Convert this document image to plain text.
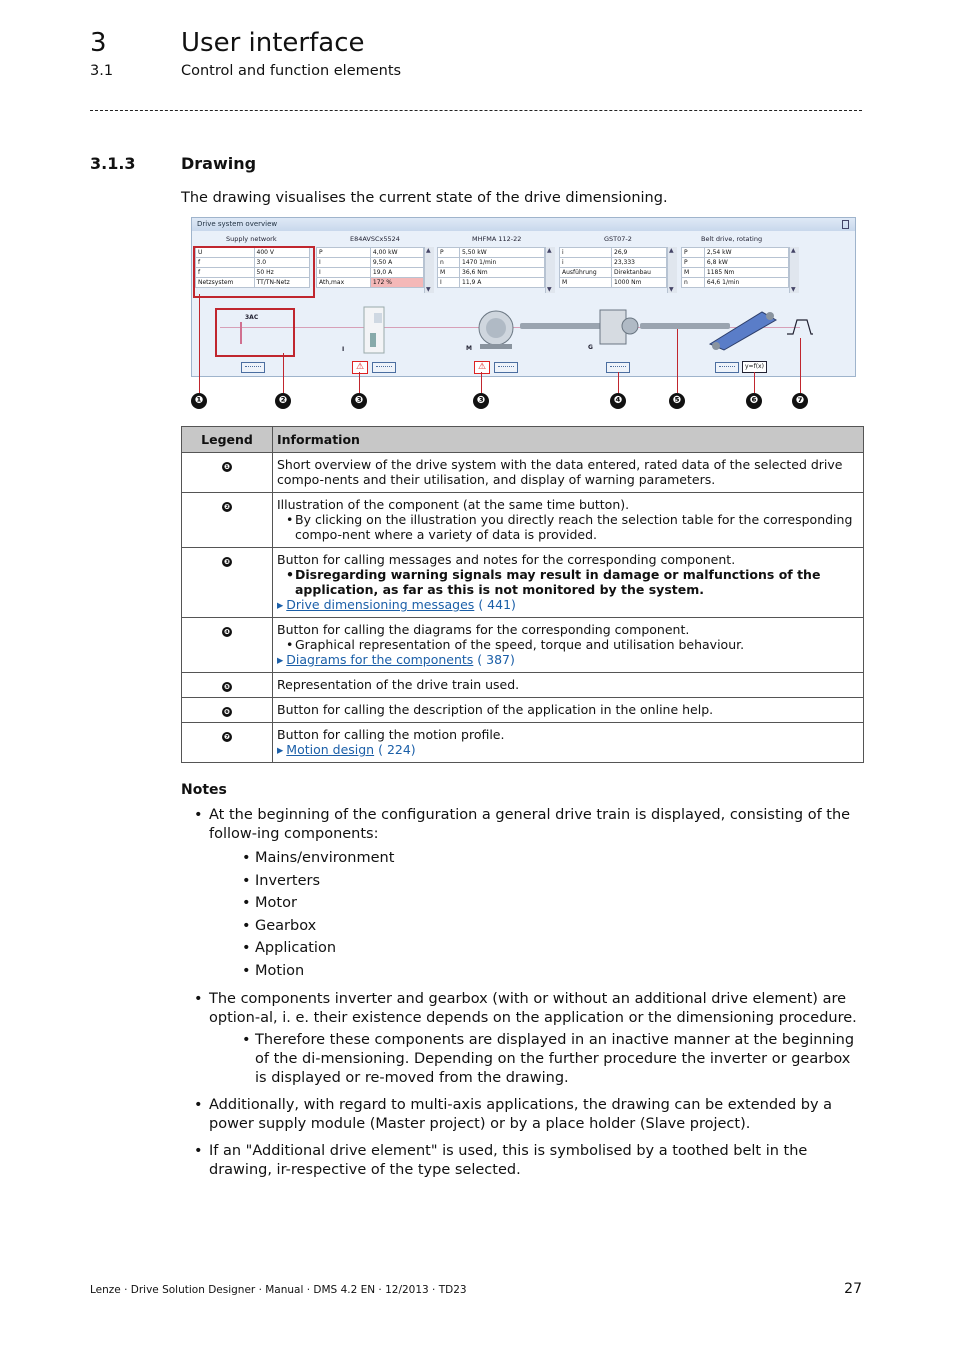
3	User interface
3.1	Control and function elements
3.1.3	Drawing
The drawing visualises the current state of the drive dimensioning.
Drive system overview
Supply network	E84AVSCx5524	MHFMA 112-22	GST07-2	Belt drive, rotating
U	400 V
f	3.0
f	50 Hz
Netzsystem	TT/TN-Netz
P	4,00 kW
I	9,50 A
I	19,0 A
Ath,max	172 %
P	5,50 kW
n	1470 1/min
M	36,6 Nm
I	11,9 A
i	26,9
i	23,333
Ausführung	Direktanbau
M	1000 Nm
P	2,54 kW
P	6,8 kW
M	1185 Nm
n	64,6 1/min
▲
▼
▲
▼
▲
▼
▲
▼
3AC
I	M	G
⚠	⚠	y=f(x)
❶	❷	❸	❸	❹	❺	❻	❼
Legend	Information
❶	Short overview of the drive system with the data entered, rated data of the selected drive compo-nents and their utilisation, and display of warning parameters.

❷	Illustration of the component (at the same time button).
• By clicking on the illustration you directly reach the selection table for the corresponding compo-nent where a variety of data is provided.

❸	Button for calling messages and notes for the corresponding component.
• Disregarding warning signals may result in damage or malfunctions of the application, as far as this is not monitored by the system.
▸ Drive dimensioning messages ( 441)

❹	Button for calling the diagrams for the corresponding component.
• Graphical representation of the speed, torque and utilisation behaviour.
▸ Diagrams for the components ( 387)

❺	Representation of the drive train used.

❻	Button for calling the description of the application in the online help.

❼	Button for calling the motion profile.
▸ Motion design ( 224)
Notes
• At the beginning of the configuration a general drive train is displayed, consisting of the follow-ing components:
• Mains/environment
• Inverters
• Motor
• Gearbox
• Application
• Motion
• The components inverter and gearbox (with or without an additional drive element) are option-al, i. e. their existence depends on the application or the dimensioning procedure.
• Therefore these components are displayed in an inactive manner at the beginning of the di-mensioning. Depending on the further procedure the inverter or gearbox is displayed or re-moved from the drawing.
• Additionally, with regard to multi-axis applications, the drawing can be extended by a power supply module (Master project) or by a place holder (Slave project).
• If an "Additional drive element" is used, this is symbolised by a toothed belt in the drawing, ir-respective of the type selected.
Lenze · Drive Solution Designer · Manual · DMS 4.2 EN · 12/2013 · TD23	27
